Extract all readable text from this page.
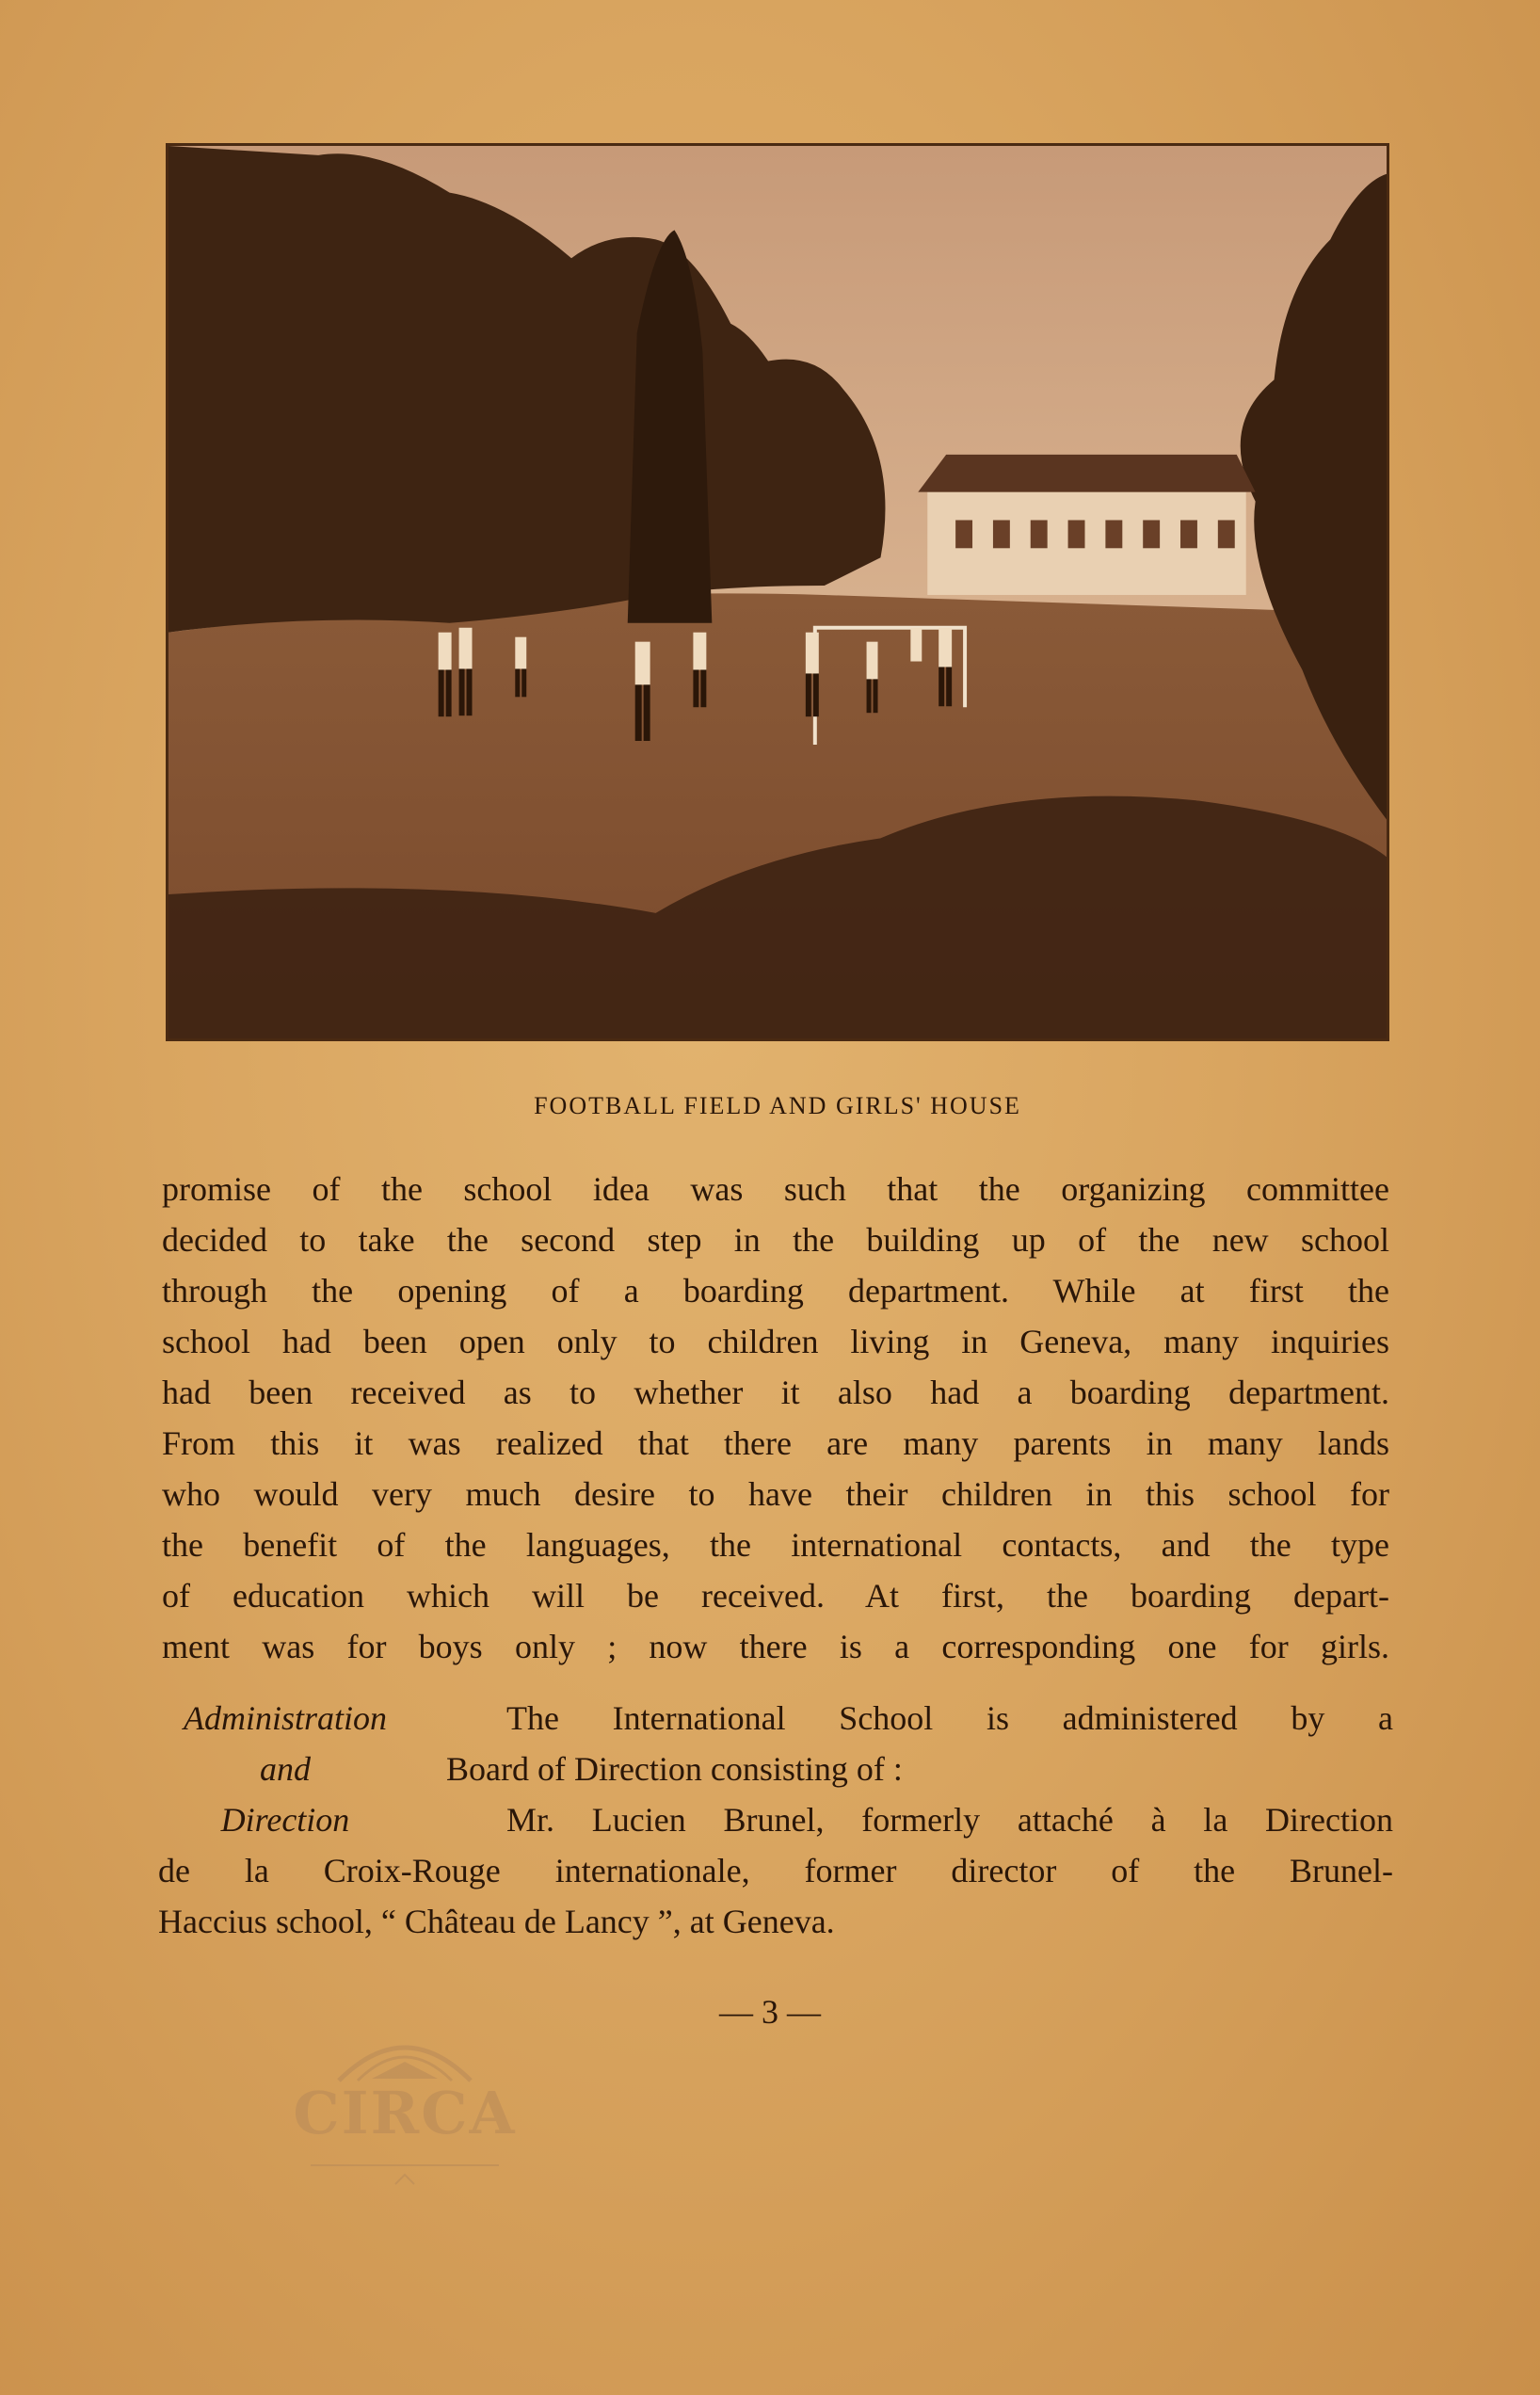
FOOTBALL FIELD AND GIRLS' HOUSE
promise of the school idea was such that the organizing committee
decided to take the second step in the building up of the new school
through the opening of a boarding department. While at first the
school had been open only to children living in Geneva, many inquiries
had been received as to whether it also had a boarding department.
From this it was realized that there are many parents in many lands
who would very much desire to have their children in this school for
the benefit of the languages, the international contacts, and the type
of education which will be received. At first, the boarding depart-
ment was for boys only ; now there is a corresponding one for girls.
Administration	The International School is administered by a
and	Board of Direction consisting of :
Direction	Mr. Lucien Brunel, formerly attaché à la Direction
de la Croix-Rouge internationale, former director of the Brunel-
Haccius school, “ Château de Lancy ”, at Geneva.
— 3 —
CIRCA
